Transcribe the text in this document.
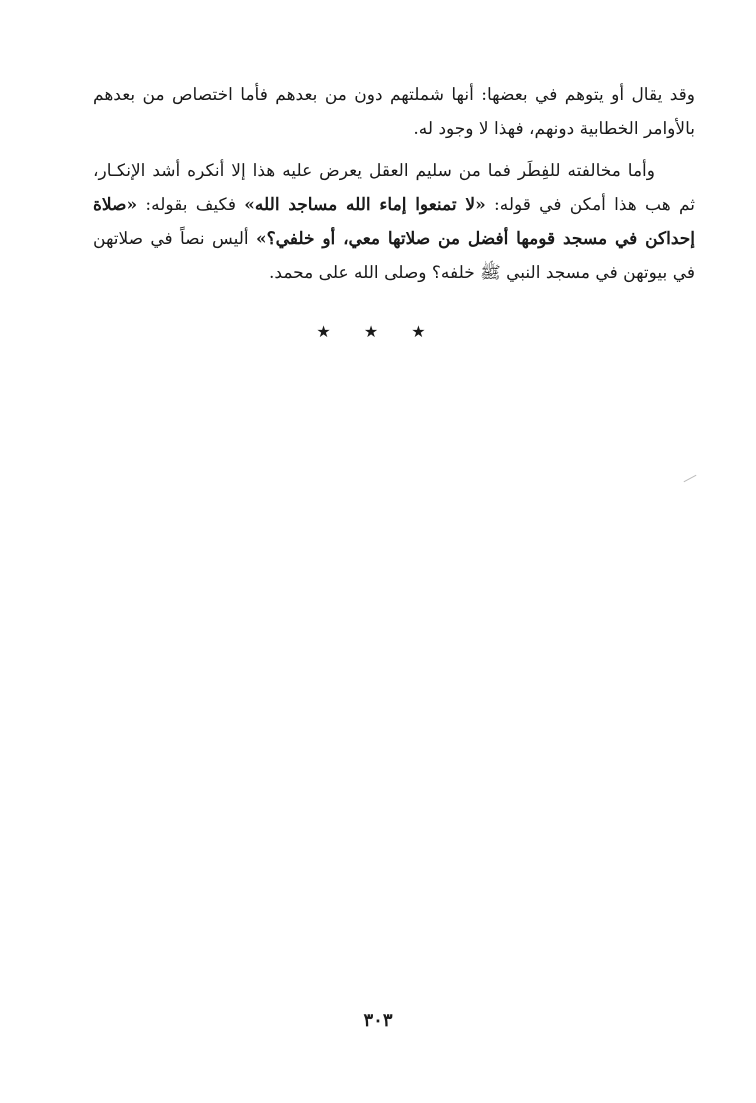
وقد يقال أو يتوهم في بعضها: أنها شملتهم دون من بعدهم فأما اختصاص من بعدهم بالأوامر الخطابية دونهم، فهذا لا وجود له.

وأما مخالفته للفِطَر فما من سليم العقل يعرض عليه هذا إلا أنكره أشد الإنكـار، ثم هب هذا أمكن في قوله: «لا تمنعوا إماء الله مساجد الله» فكيف بقوله: «صلاة إحداكن في مسجد قومها أفضل من صلاتها معي، أو خلفي؟» أليس نصاً في صلاتهن في بيوتهن في مسجد النبي ﷺ خلفه؟ وصلى الله على محمد.

★ ★ ★
٣٠٣
